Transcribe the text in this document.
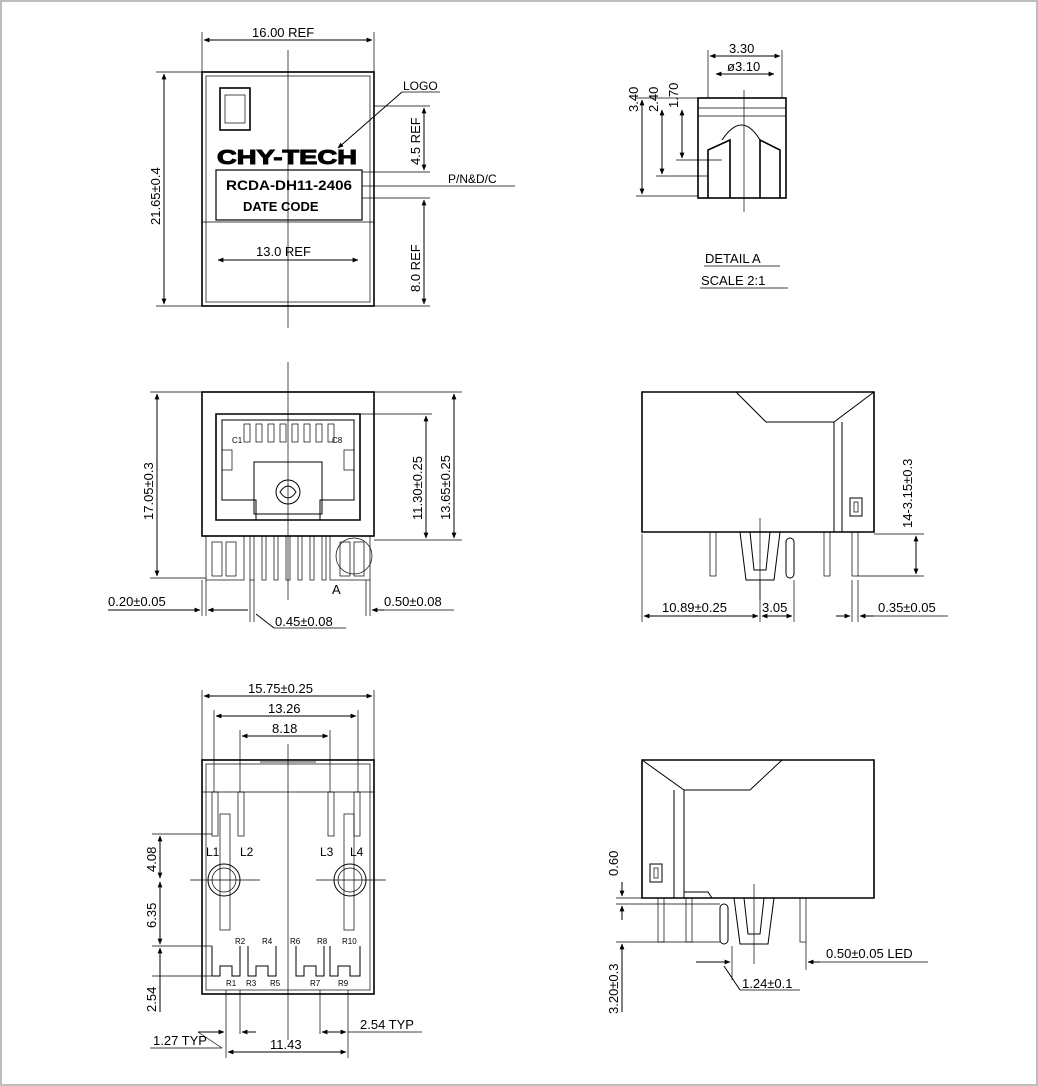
CHY-TECH
RCDA-DH11-2406
DATE CODE
16.00 REF
21.65±0.4
13.0 REF
4.5 REF
8.0 REF
LOGO
P/N&D/C
3.30
ø3.10
3.40 2.40 1.70
DETAIL A
SCALE 2:1
C1	C8
A
17.05±0.3	11.30±0.25 13.65±0.25
0.20±0.05
0.45±0.08
0.50±0.08
14-3.15±0.3
10.89±0.25	3.05	0.35±0.05
L1 L2	L3 L4
R2 R4 R6 R8 R10
R1 R3 R5	R7 R9
15.75±0.25
13.26
8.18
4.08
6.35
2.54
1.27 TYP
2.54 TYP
11.43
0.60
3.20±0.3
0.50±0.05 LED
1.24±0.1
